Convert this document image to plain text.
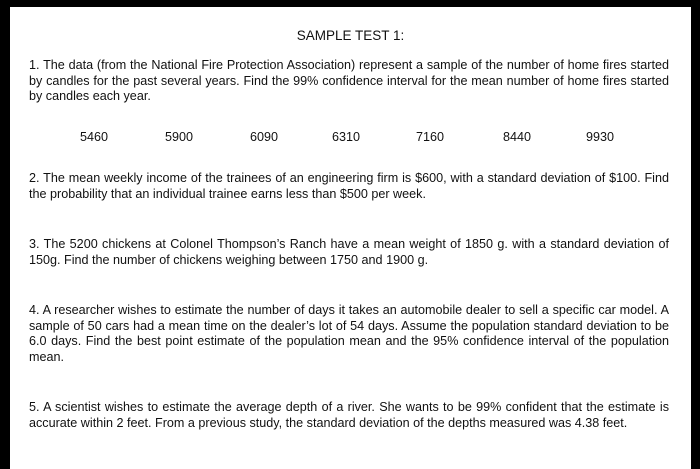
SAMPLE TEST 1:
1. The data (from the National Fire Protection Association) represent a sample of the number of home fires started by candles for the past several years. Find the 99% confidence interval for the mean number of home fires started by candles each year.
5460	5900	6090	6310	7160	8440	9930
2. The mean weekly income of the trainees of an engineering firm is $600, with a standard deviation of $100. Find the probability that an individual trainee earns less than $500 per week.
3. The 5200 chickens at Colonel Thompson’s Ranch have a mean weight of 1850 g. with a standard deviation of 150g. Find the number of chickens weighing between 1750 and 1900 g.
4. A researcher wishes to estimate the number of days it takes an automobile dealer to sell a specific car model. A sample of 50 cars had a mean time on the dealer’s lot of 54 days. Assume the population standard deviation to be 6.0 days. Find the best point estimate of the population mean and the 95% confidence interval of the population mean.
5. A scientist wishes to estimate the average depth of a river. She wants to be 99% confident that the estimate is accurate within 2 feet. From a previous study, the standard deviation of the depths measured was 4.38 feet.
